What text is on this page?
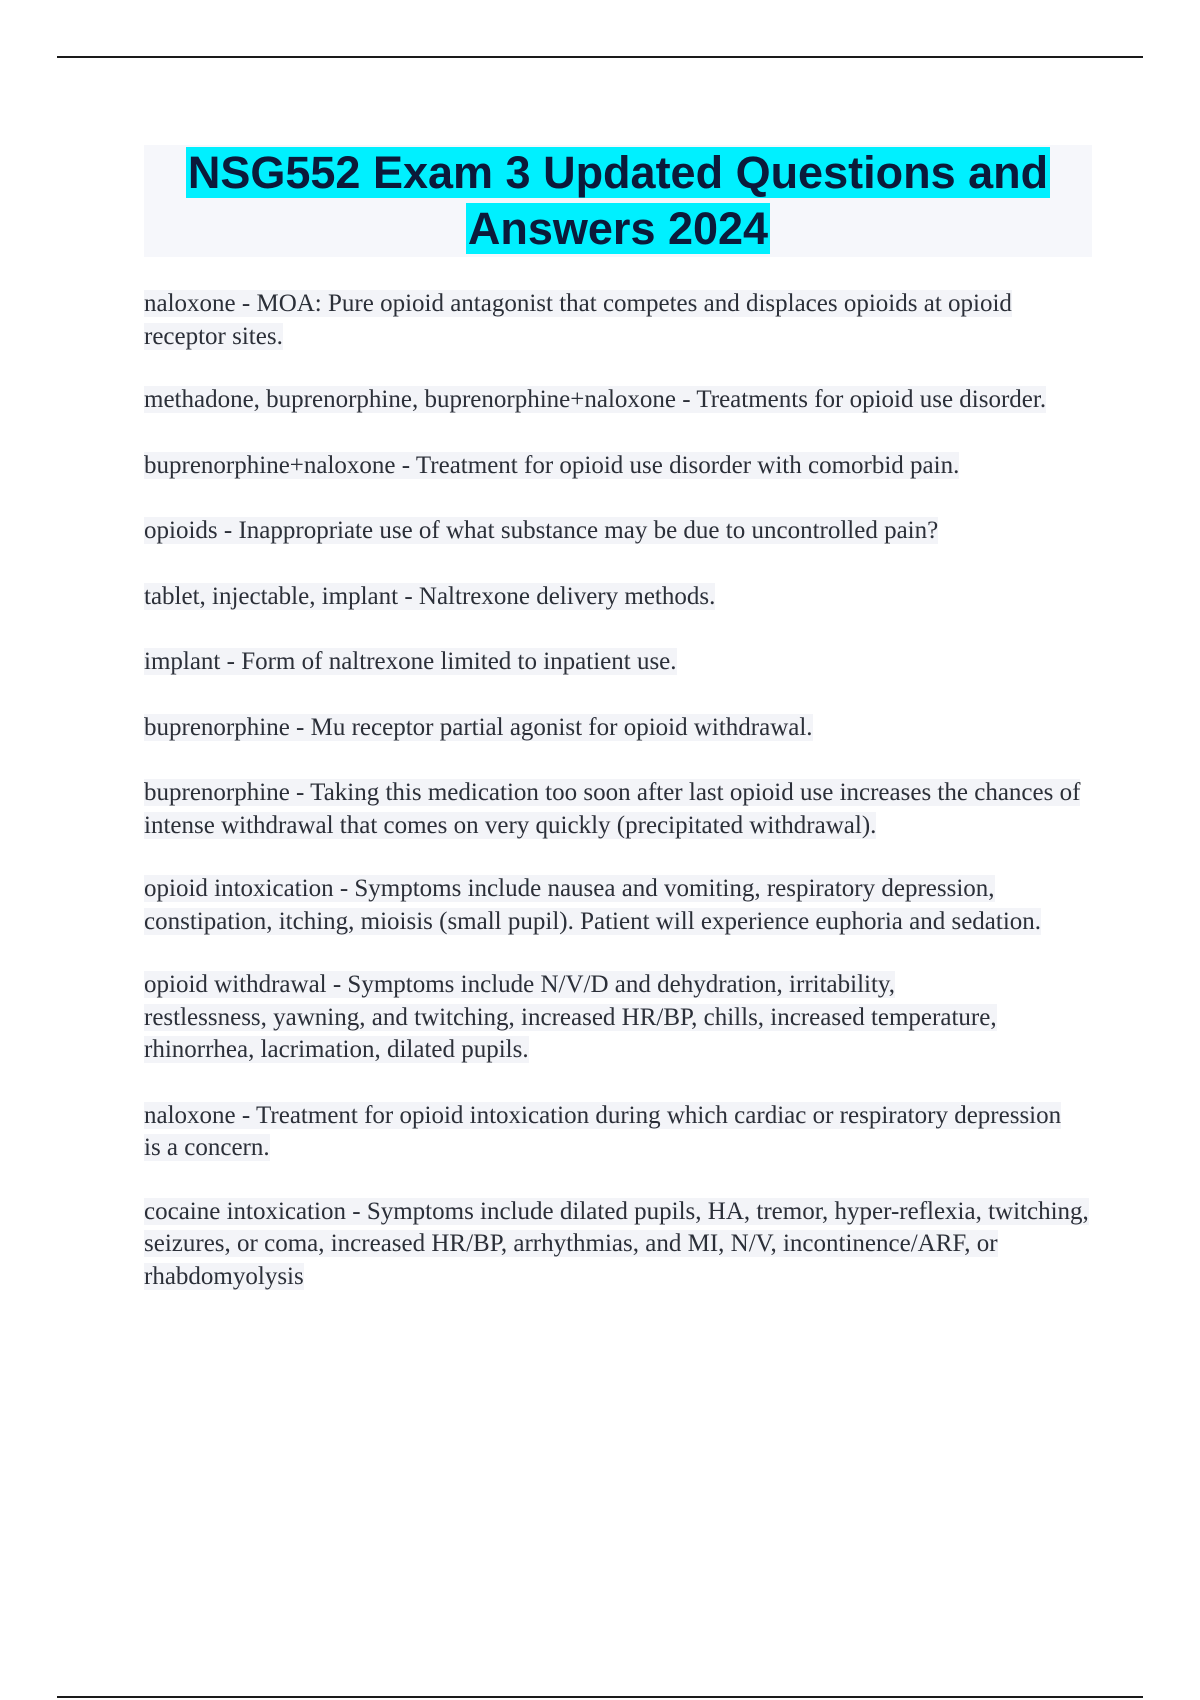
NSG552 Exam 3 Updated Questions and
Answers 2024

naloxone - MOA: Pure opioid antagonist that competes and displaces opioids at opioid receptor sites.

methadone, buprenorphine, buprenorphine+naloxone - Treatments for opioid use disorder.

buprenorphine+naloxone - Treatment for opioid use disorder with comorbid pain.

opioids - Inappropriate use of what substance may be due to uncontrolled pain?

tablet, injectable, implant - Naltrexone delivery methods.

implant - Form of naltrexone limited to inpatient use.

buprenorphine - Mu receptor partial agonist for opioid withdrawal.

buprenorphine - Taking this medication too soon after last opioid use increases the chances of intense withdrawal that comes on very quickly (precipitated withdrawal).

opioid intoxication - Symptoms include nausea and vomiting, respiratory depression, constipation, itching, mioisis (small pupil). Patient will experience euphoria and sedation.

opioid withdrawal - Symptoms include N/V/D and dehydration, irritability, restlessness, yawning, and twitching, increased HR/BP, chills, increased temperature, rhinorrhea, lacrimation, dilated pupils.

naloxone - Treatment for opioid intoxication during which cardiac or respiratory depression is a concern.

cocaine intoxication - Symptoms include dilated pupils, HA, tremor, hyper-reflexia, twitching, seizures, or coma, increased HR/BP, arrhythmias, and MI, N/V, incontinence/ARF, or rhabdomyolysis
